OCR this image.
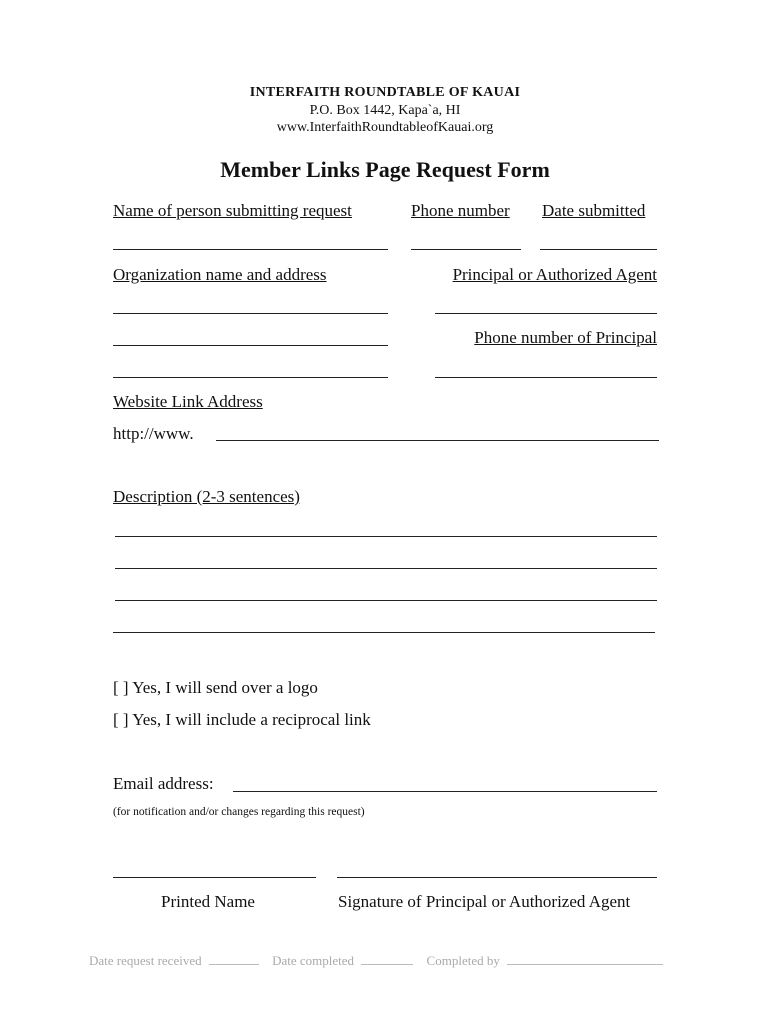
INTERFAITH ROUNDTABLE OF KAUAI
P.O. Box 1442, Kapa`a, HI
www.InterfaithRoundtableofKauai.org
Member Links Page Request Form
Name of person submitting request	Phone number Date submitted
Organization name and address	Principal or Authorized Agent
Phone number of Principal
Website Link Address
http://www.
Description (2-3 sentences)
[ ] Yes, I will send over a logo
[ ] Yes, I will include a reciprocal link
Email address:
(for notification and/or changes regarding this request)
Printed Name	Signature of Principal or Authorized Agent
Date request received	Date completed	Completed by
